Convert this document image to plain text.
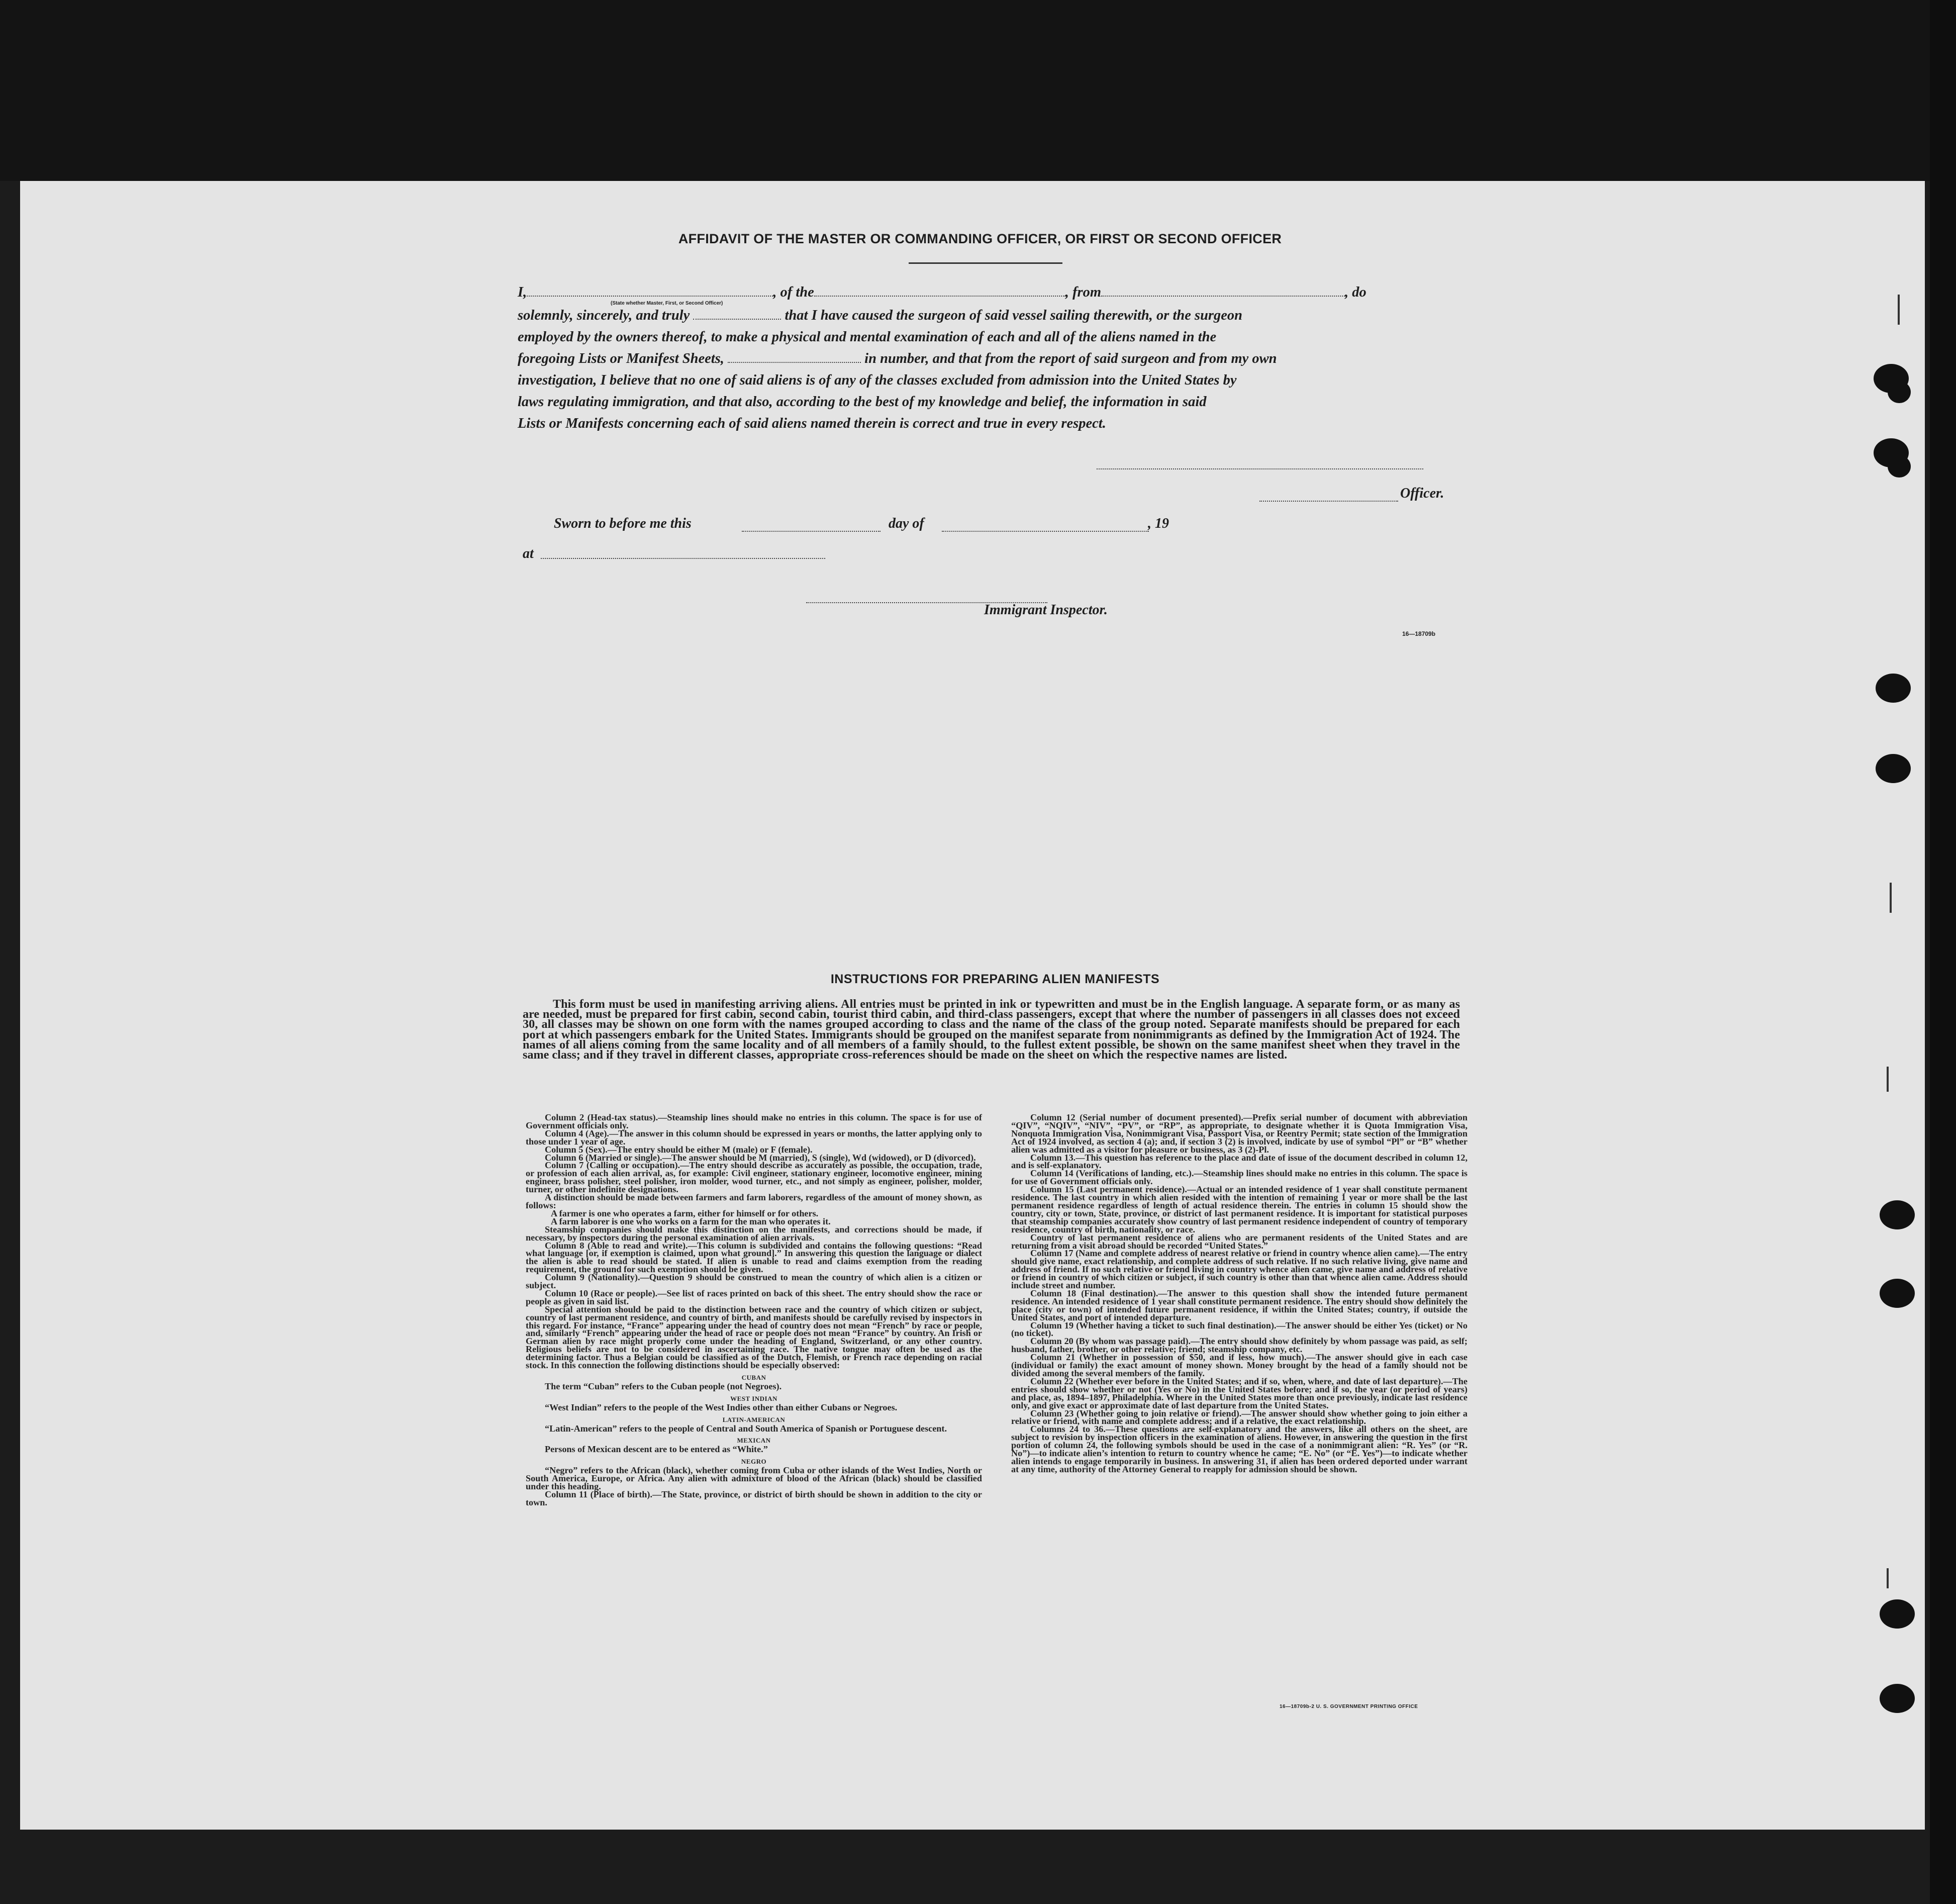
AFFIDAVIT OF THE MASTER OR COMMANDING OFFICER, OR FIRST OR SECOND OFFICER
I,	, of the	, from	, do
(State whether Master, First, or Second Officer)
solemnly, sincerely, and truly	that I have caused the surgeon of said vessel sailing therewith, or the surgeon
employed by the owners thereof, to make a physical and mental examination of each and all of the aliens named in the
foregoing Lists or Manifest Sheets,	in number, and that from the report of said surgeon and from my own
investigation, I believe that no one of said aliens is of any of the classes excluded from admission into the United States by
laws regulating immigration, and that also, according to the best of my knowledge and belief, the information in said
Lists or Manifests concerning each of said aliens named therein is correct and true in every respect.
Officer.
Sworn to before me this	day of	, 19
at
Immigrant Inspector.
16—18709b
INSTRUCTIONS FOR PREPARING ALIEN MANIFESTS

This form must be used in manifesting arriving aliens. All entries must be printed in ink or typewritten and must be in the English language. A separate form, or as many as are needed, must be prepared for first cabin, second cabin, tourist third cabin, and third-class passengers, except that where the number of passengers in all classes does not exceed 30, all classes may be shown on one form with the names grouped according to class and the name of the class of the group noted. Separate manifests should be prepared for each port at which passengers embark for the United States. Immigrants should be grouped on the manifest separate from nonimmigrants as defined by the Immigration Act of 1924. The names of all aliens coming from the same locality and of all members of a family should, to the fullest extent possible, be shown on the same manifest sheet when they travel in the same class; and if they travel in different classes, appropriate cross-references should be made on the sheet on which the respective names are listed.

Column 2 (Head-tax status).—Steamship lines should make no entries in this column. The space is for use of Government officials only.

Column 4 (Age).—The answer in this column should be expressed in years or months, the latter applying only to those under 1 year of age.

Column 5 (Sex).—The entry should be either M (male) or F (female).

Column 6 (Married or single).—The answer should be M (married), S (single), Wd (widowed), or D (divorced).

Column 7 (Calling or occupation).—The entry should describe as accurately as possible, the occupation, trade, or profession of each alien arrival, as, for example: Civil engineer, stationary engineer, locomotive engineer, mining engineer, brass polisher, steel polisher, iron molder, wood turner, etc., and not simply as engineer, polisher, molder, turner, or other indefinite designations.

A distinction should be made between farmers and farm laborers, regardless of the amount of money shown, as follows:

A farmer is one who operates a farm, either for himself or for others.

A farm laborer is one who works on a farm for the man who operates it.

Steamship companies should make this distinction on the manifests, and corrections should be made, if necessary, by inspectors during the personal examination of alien arrivals.

Column 8 (Able to read and write).—This column is subdivided and contains the following questions: “Read what language [or, if exemption is claimed, upon what ground].” In answering this question the language or dialect the alien is able to read should be stated. If alien is unable to read and claims exemption from the reading requirement, the ground for such exemption should be given.

Column 9 (Nationality).—Question 9 should be construed to mean the country of which alien is a citizen or subject.

Column 10 (Race or people).—See list of races printed on back of this sheet. The entry should show the race or people as given in said list.

Special attention should be paid to the distinction between race and the country of which citizen or subject, country of last permanent residence, and country of birth, and manifests should be carefully revised by inspectors in this regard. For instance, “France” appearing under the head of country does not mean “French” by race or people, and, similarly “French” appearing under the head of race or people does not mean “France” by country. An Irish or German alien by race might properly come under the heading of England, Switzerland, or any other country. Religious beliefs are not to be considered in ascertaining race. The native tongue may often be used as the determining factor. Thus a Belgian could be classified as of the Dutch, Flemish, or French race depending on racial stock. In this connection the following distinctions should be especially observed:

CUBAN

The term “Cuban” refers to the Cuban people (not Negroes).

WEST INDIAN

“West Indian” refers to the people of the West Indies other than either Cubans or Negroes.

LATIN-AMERICAN

“Latin-American” refers to the people of Central and South America of Spanish or Portuguese descent.

MEXICAN

Persons of Mexican descent are to be entered as “White.”

NEGRO

“Negro” refers to the African (black), whether coming from Cuba or other islands of the West Indies, North or South America, Europe, or Africa. Any alien with admixture of blood of the African (black) should be classified under this heading.

Column 11 (Place of birth).—The State, province, or district of birth should be shown in addition to the city or town.

Column 12 (Serial number of document presented).—Prefix serial number of document with abbreviation “QIV”, “NQIV”, “NIV”, “PV”, or “RP”, as appropriate, to designate whether it is Quota Immigration Visa, Nonquota Immigration Visa, Nonimmigrant Visa, Passport Visa, or Reentry Permit; state section of the Immigration Act of 1924 involved, as section 4 (a); and, if section 3 (2) is involved, indicate by use of symbol “Pl” or “B” whether alien was admitted as a visitor for pleasure or business, as 3 (2)-Pl.

Column 13.—This question has reference to the place and date of issue of the document described in column 12, and is self-explanatory.

Column 14 (Verifications of landing, etc.).—Steamship lines should make no entries in this column. The space is for use of Government officials only.

Column 15 (Last permanent residence).—Actual or an intended residence of 1 year shall constitute permanent residence. The last country in which alien resided with the intention of remaining 1 year or more shall be the last permanent residence regardless of length of actual residence therein. The entries in column 15 should show the country, city or town, State, province, or district of last permanent residence. It is important for statistical purposes that steamship companies accurately show country of last permanent residence independent of country of temporary residence, country of birth, nationality, or race.

Country of last permanent residence of aliens who are permanent residents of the United States and are returning from a visit abroad should be recorded “United States.”

Column 17 (Name and complete address of nearest relative or friend in country whence alien came).—The entry should give name, exact relationship, and complete address of such relative. If no such relative living, give name and address of friend. If no such relative or friend living in country whence alien came, give name and address of relative or friend in country of which citizen or subject, if such country is other than that whence alien came. Address should include street and number.

Column 18 (Final destination).—The answer to this question shall show the intended future permanent residence. An intended residence of 1 year shall constitute permanent residence. The entry should show definitely the place (city or town) of intended future permanent residence, if within the United States; country, if outside the United States, and port of intended departure.

Column 19 (Whether having a ticket to such final destination).—The answer should be either Yes (ticket) or No (no ticket).

Column 20 (By whom was passage paid).—The entry should show definitely by whom passage was paid, as self; husband, father, brother, or other relative; friend; steamship company, etc.

Column 21 (Whether in possession of $50, and if less, how much).—The answer should give in each case (individual or family) the exact amount of money shown. Money brought by the head of a family should not be divided among the several members of the family.

Column 22 (Whether ever before in the United States; and if so, when, where, and date of last departure).—The entries should show whether or not (Yes or No) in the United States before; and if so, the year (or period of years) and place, as, 1894–1897, Philadelphia. Where in the United States more than once previously, indicate last residence only, and give exact or approximate date of last departure from the United States.

Column 23 (Whether going to join relative or friend).—The answer should show whether going to join either a relative or friend, with name and complete address; and if a relative, the exact relationship.

Columns 24 to 36.—These questions are self-explanatory and the answers, like all others on the sheet, are subject to revision by inspection officers in the examination of aliens. However, in answering the question in the first portion of column 24, the following symbols should be used in the case of a nonimmigrant alien: “R. Yes” (or “R. No”)—to indicate alien’s intention to return to country whence he came; “E. No” (or “E. Yes”)—to indicate whether alien intends to engage temporarily in business. In answering 31, if alien has been ordered deported under warrant at any time, authority of the Attorney General to reapply for admission should be shown.

16—18709b-2 U. S. GOVERNMENT PRINTING OFFICE
